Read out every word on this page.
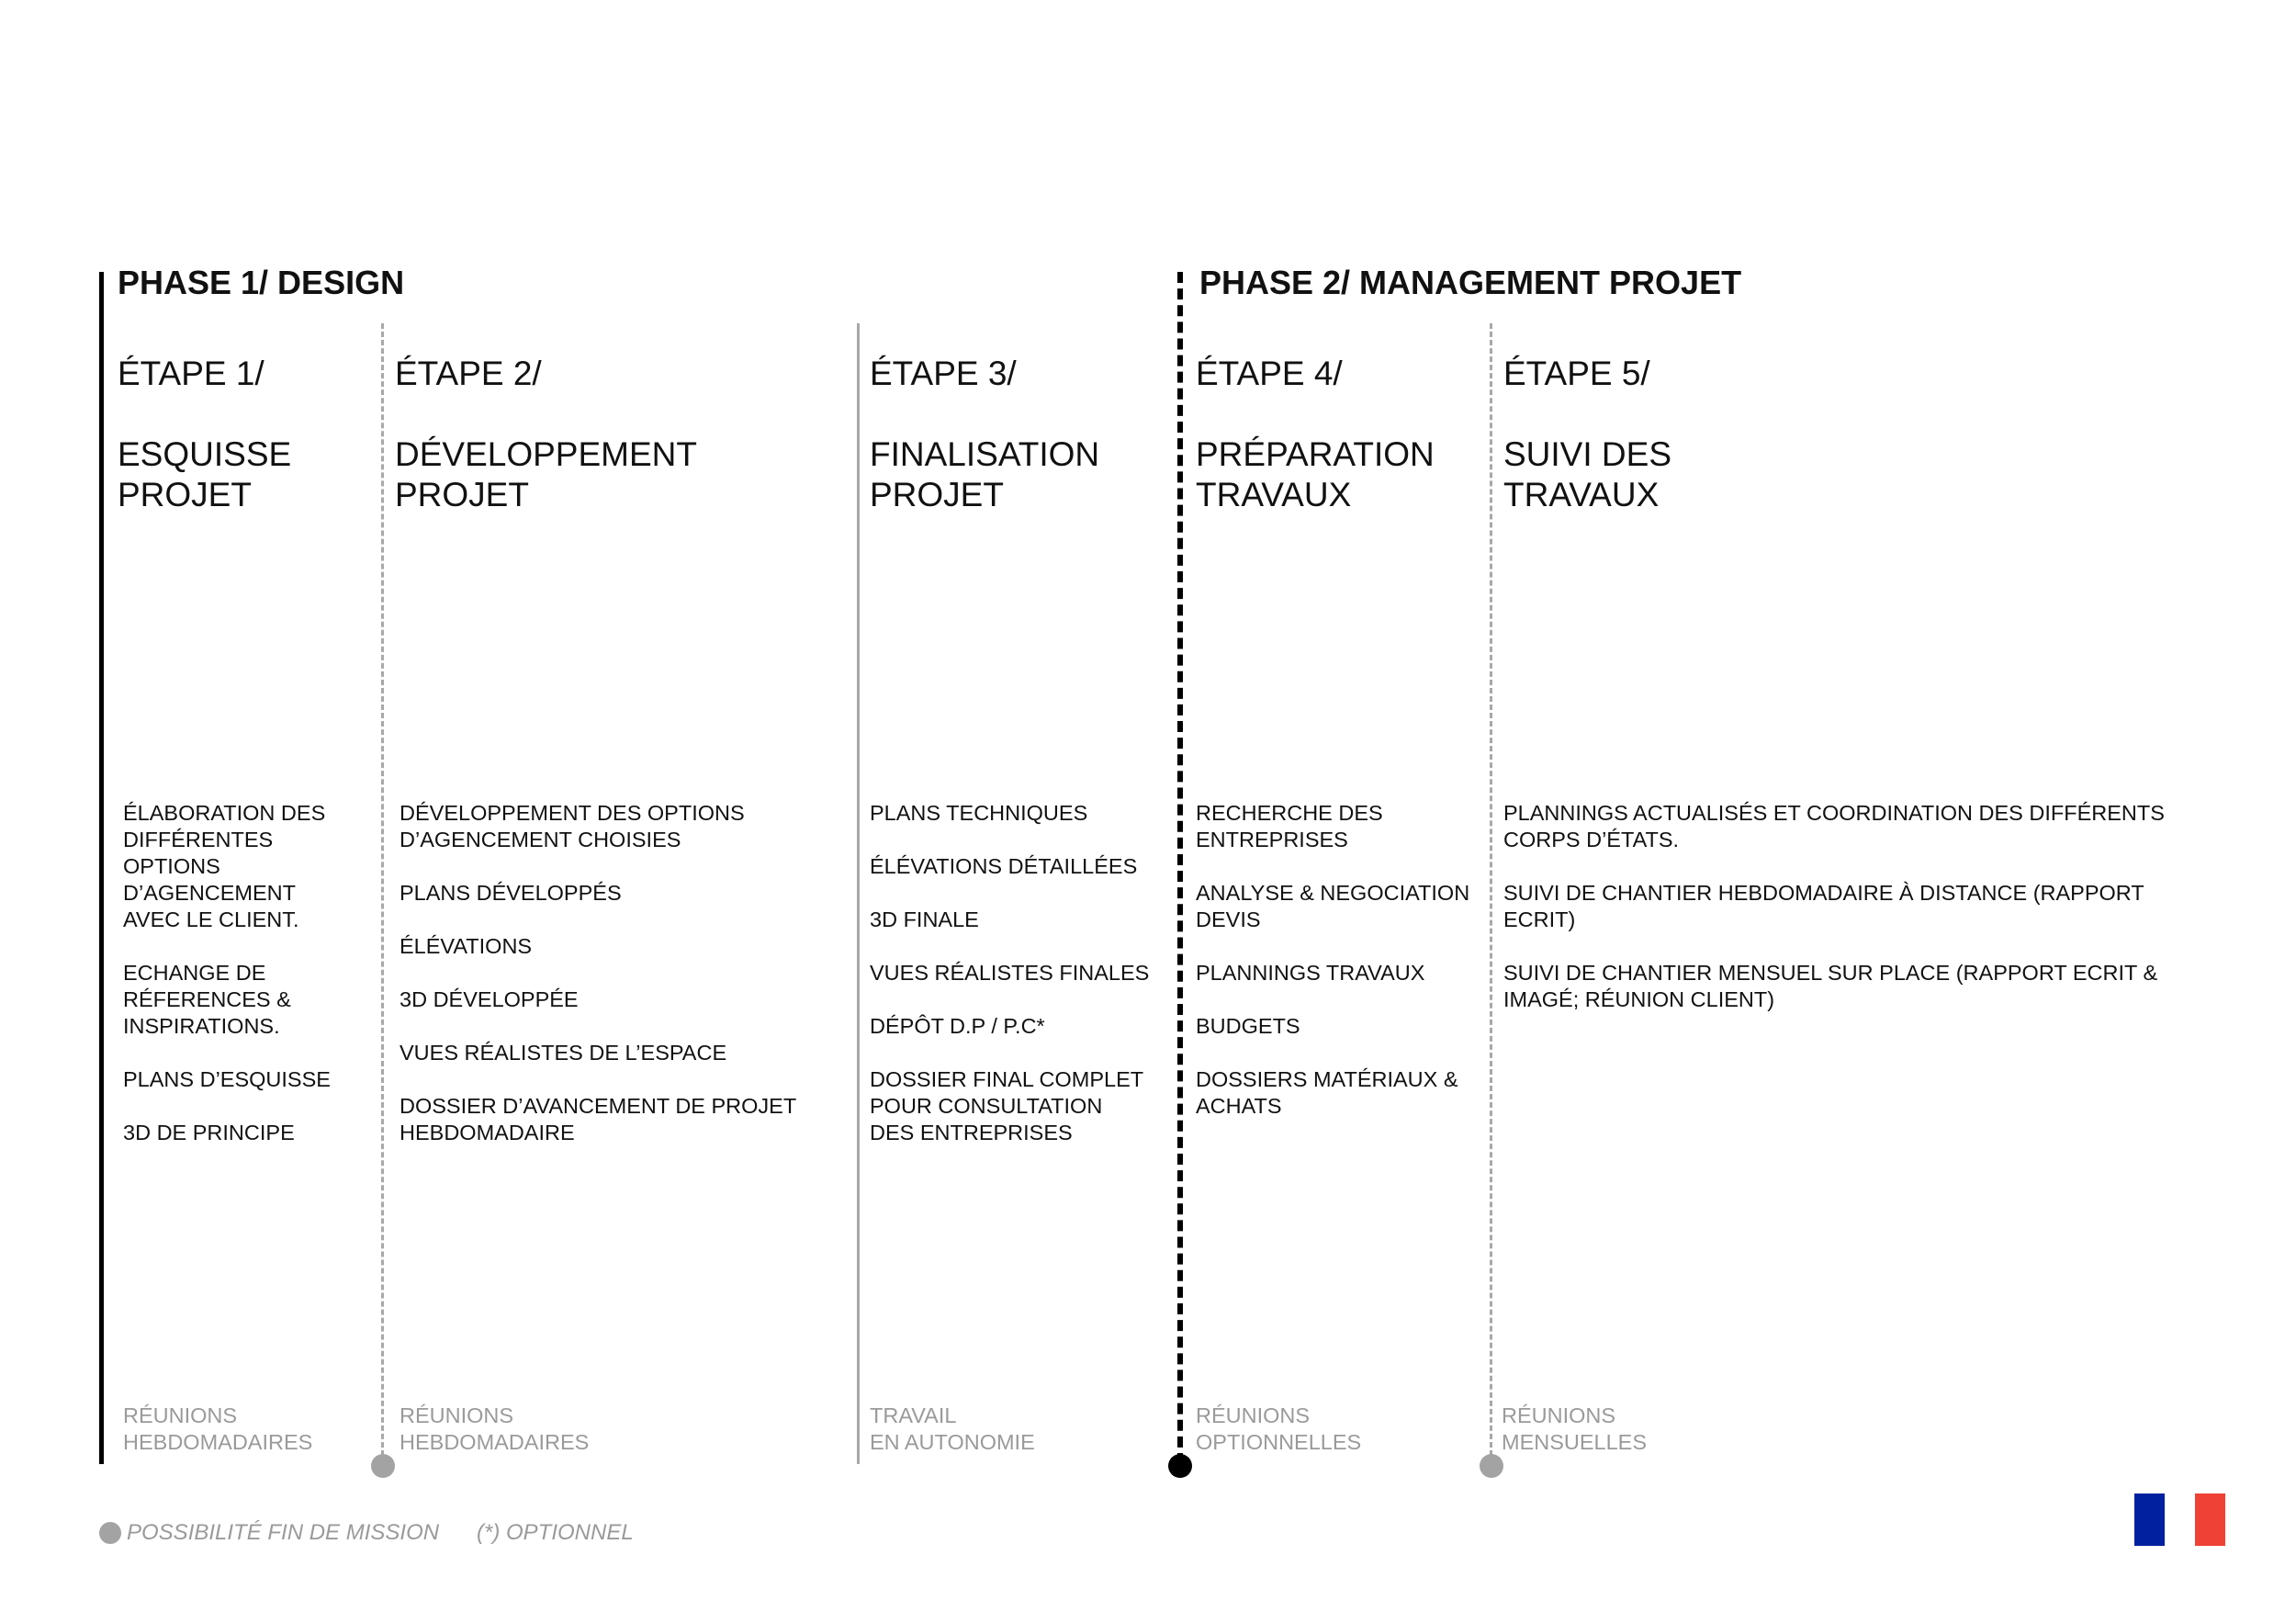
PHASE 1/ DESIGN	PHASE 2/ MANAGEMENT PROJET
ÉTAPE 1/
ESQUISSE
PROJET
ÉLABORATION DES
DIFFÉRENTES
OPTIONS
D’AGENCEMENT
AVEC LE CLIENT.
ECHANGE DE
RÉFERENCES &
INSPIRATIONS.
PLANS D’ESQUISSE
3D DE PRINCIPE
RÉUNIONS
HEBDOMADAIRES
ÉTAPE 2/
DÉVELOPPEMENT
PROJET
DÉVELOPPEMENT DES OPTIONS
D’AGENCEMENT CHOISIES
PLANS DÉVELOPPÉS
ÉLÉVATIONS
3D DÉVELOPPÉE
VUES RÉALISTES DE L’ESPACE
DOSSIER D’AVANCEMENT DE PROJET
HEBDOMADAIRE
RÉUNIONS
HEBDOMADAIRES
ÉTAPE 3/
FINALISATION
PROJET
PLANS TECHNIQUES
ÉLÉVATIONS DÉTAILLÉES
3D FINALE
VUES RÉALISTES FINALES
DÉPÔT D.P / P.C*
DOSSIER FINAL COMPLET
POUR CONSULTATION
DES ENTREPRISES
TRAVAIL
EN AUTONOMIE
ÉTAPE 4/
PRÉPARATION
TRAVAUX
RECHERCHE DES
ENTREPRISES
ANALYSE & NEGOCIATION
DEVIS
PLANNINGS TRAVAUX
BUDGETS
DOSSIERS MATÉRIAUX &
ACHATS
RÉUNIONS
OPTIONNELLES
ÉTAPE 5/
SUIVI DES
TRAVAUX
PLANNINGS ACTUALISÉS ET COORDINATION DES DIFFÉRENTS
CORPS D’ÉTATS.
SUIVI DE CHANTIER HEBDOMADAIRE À DISTANCE (RAPPORT
ECRIT)
SUIVI DE CHANTIER MENSUEL SUR PLACE (RAPPORT ECRIT &
IMAGÉ; RÉUNION CLIENT)
RÉUNIONS
MENSUELLES
POSSIBILITÉ FIN DE MISSION (*) OPTIONNEL
